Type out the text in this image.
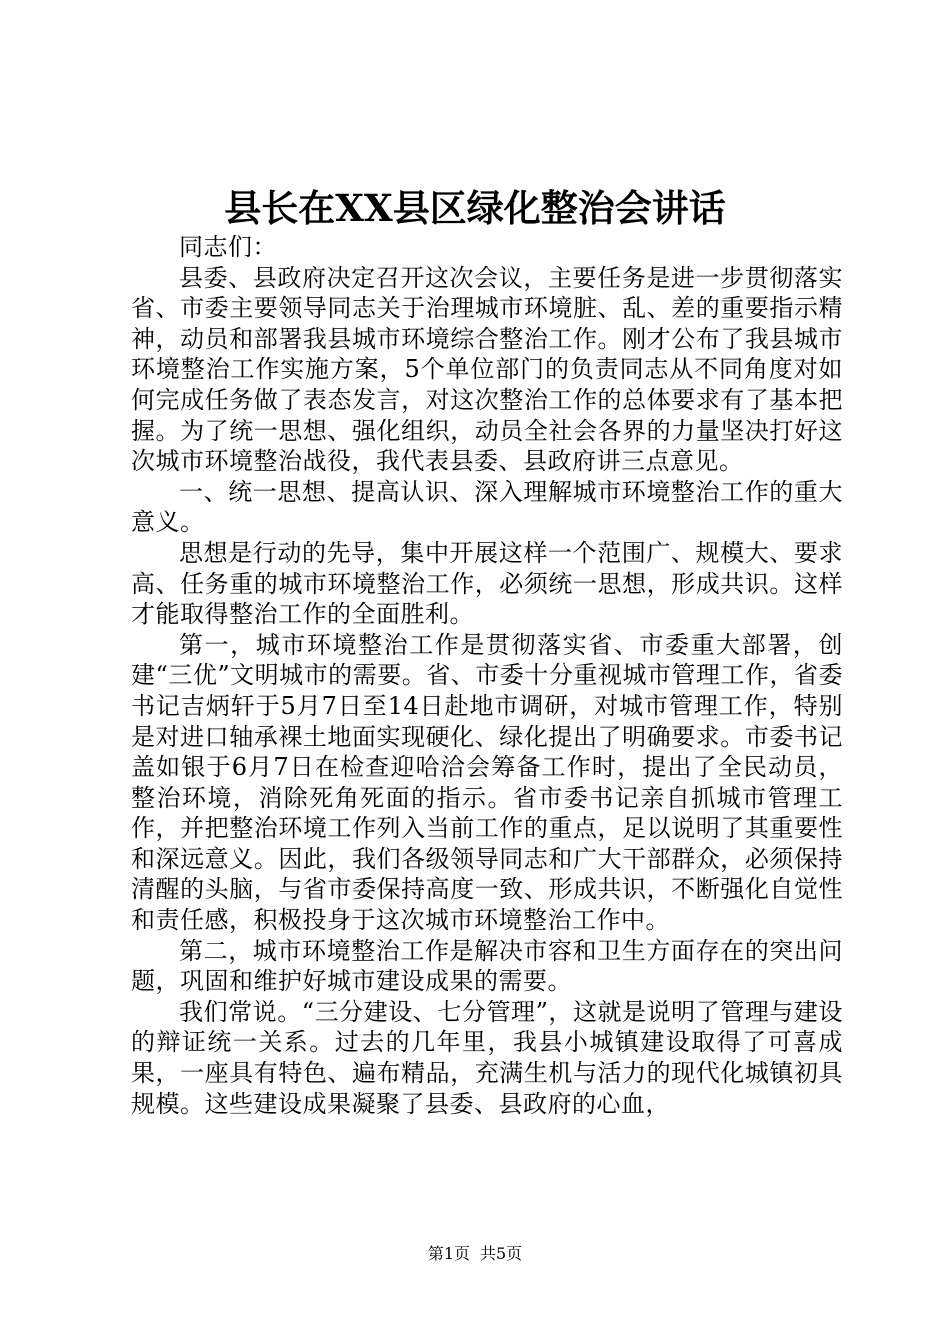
县长在XX县区绿化整治会讲话

同志们：

县委、县政府决定召开这次会议，主要任务是进一步贯彻落实省、市委主要领导同志关于治理城市环境脏、乱、差的重要指示精神，动员和部署我县城市环境综合整治工作。刚才公布了我县城市环境整治工作实施方案，5个单位部门的负责同志从不同角度对如何完成任务做了表态发言，对这次整治工作的总体要求有了基本把握。为了统一思想、强化组织，动员全社会各界的力量坚决打好这次城市环境整治战役，我代表县委、县政府讲三点意见。

一、统一思想、提高认识、深入理解城市环境整治工作的重大意义。

思想是行动的先导，集中开展这样一个范围广、规模大、要求高、任务重的城市环境整治工作，必须统一思想，形成共识。这样才能取得整治工作的全面胜利。

第一，城市环境整治工作是贯彻落实省、市委重大部署，创建“三优”文明城市的需要。省、市委十分重视城市管理工作，省委书记吉炳轩于5月7日至14日赴地市调研，对城市管理工作，特别是对进口轴承裸土地面实现硬化、绿化提出了明确要求。市委书记盖如银于6月7日在检查迎哈洽会筹备工作时，提出了全民动员，整治环境，消除死角死面的指示。省市委书记亲自抓城市管理工作，并把整治环境工作列入当前工作的重点，足以说明了其重要性和深远意义。因此，我们各级领导同志和广大干部群众，必须保持清醒的头脑，与省市委保持高度一致、形成共识，不断强化自觉性和责任感，积极投身于这次城市环境整治工作中。

第二，城市环境整治工作是解决市容和卫生方面存在的突出问题，巩固和维护好城市建设成果的需要。

我们常说。“三分建设、七分管理”，这就是说明了管理与建设的辩证统一关系。过去的几年里，我县小城镇建设取得了可喜成果，一座具有特色、遍布精品，充满生机与活力的现代化城镇初具规模。这些建设成果凝聚了县委、县政府的心血，

第1页 共5页
